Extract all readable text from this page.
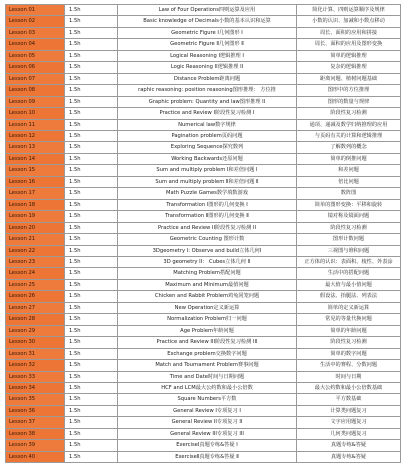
Lesson 01	1.5h	Law of Four Operations四则运算及应用	简化计算、四则运算顺序及规律
Lesson 02	1.5h	Basic knowledge of Decimals小数的基本认识和运算	小数的认识、加减和小数点移动
Lesson 03	1.5h	Geometric Figure Ⅰ几何图形 Ⅰ	周长、面积的应用和拼接
Lesson 04	1.5h	Geometric Figure Ⅱ几何图形 Ⅱ	周长、面积的应用及图形变换
Lesson 05	1.5h	Logical Reasoning I逻辑推理 I	简单的逻辑推理
Lesson 06	1.5h	Logic Reasoning II逻辑推理 II	复杂的逻辑推理
Lesson 07	1.5h	Distance Problem距离问题	距离问题、植树问题基础
Lesson 08	1.5h	raphic reasoning: position reasoning图形推理： 方位推	图形中的方位推理
Lesson 09	1.5h	Graphic problem: Quantity and law图形推理 II	图形的数量与规律
Lesson 10	1.5h	Practice and Review I阶段性复习检测 I	阶段性复习检测
Lesson 11	1.5h	Numerical law数字规律	通项、递减及数学归纳推理的应用
Lesson 12	1.5h	Pagination problem页码问题	与页码有关的计算和逻辑推理
Lesson 13	1.5h	Exploring Sequence探究数列	了解数列的概念
Lesson 14	1.5h	Working Backwards还原问题	简单的倒推问题
Lesson 15	1.5h	Sum and multiply problem Ⅰ和差倍问题 Ⅰ	和差问题
Lesson 16	1.5h	Sum and multiply problem Ⅱ和差倍问题 Ⅱ	倍比问题
Lesson 17	1.5h	Math Puzzle Games数学填数游戏	数阵图
Lesson 18	1.5h	Transformation Ⅰ图形的几何变换 Ⅰ	简单的图形变换：平移和旋转
Lesson 19	1.5h	Transformation Ⅱ图形的几何变换 Ⅱ	镜对称及镜面问题
Lesson 20	1.5h	Practice and Review II阶段性复习检测 II	阶段性复习检测
Lesson 21	1.5h	Geometric Counting 图形计数	图形计数问题
Lesson 22	1.5h	3Dgeometry I: Observe and build立体几何I	三视图与堆积问题
Lesson 23	1.5h	3D geometry II： Cubes立体几何 II	正方体的认识：表面积、棱性、外表涂
Lesson 24	1.5h	Matching Problem搭配问题	生活中的搭配问题
Lesson 25	1.5h	Maximum and Minimum最值问题	最大值与最小值问题
Lesson 26	1.5h	Chicken and Rabbit Problem鸡兔同笼问题	假设法、抬腿法、列表法
Lesson 27	1.5h	New Operation定义新运算	简单的定义新运算
Lesson 28	1.5h	Normalization Problem归一问题	常见的等量代换问题
Lesson 29	1.5h	Age Problem年龄问题	简单的年龄问题
Lesson 30	1.5h	Practice and Review III阶段性复习检测 III	阶段性复习检测
Lesson 31	1.5h	Exchange problem交换数字问题	简单的数字问题
Lesson 32	1.5h	Match and Tournament Problem赛事问题	生活中的赛程、分数问题
Lesson 33	1.5h	Time and Date时间与日期问题	时间与日期
Lesson 34	1.5h	HCF and LCM最大公约数和最小公倍数	最大公约数和最小公倍数基础
Lesson 35	1.5h	Square Numbers平方数	平方数基础
Lesson 36	1.5h	General Review I专项复习 I	计算类问题复习
Lesson 37	1.5h	General Review II专项复习 II	文字应用题复习
Lesson 38	1.5h	General Review III专项复习 III	几何类问题复习
Lesson 39	1.5h	ExerciseⅠ真题专练&答疑 Ⅰ	真题专练&答疑
Lesson 40	1.5h	ExerciseⅡ真题专练&答疑 Ⅱ	真题专练&答疑
